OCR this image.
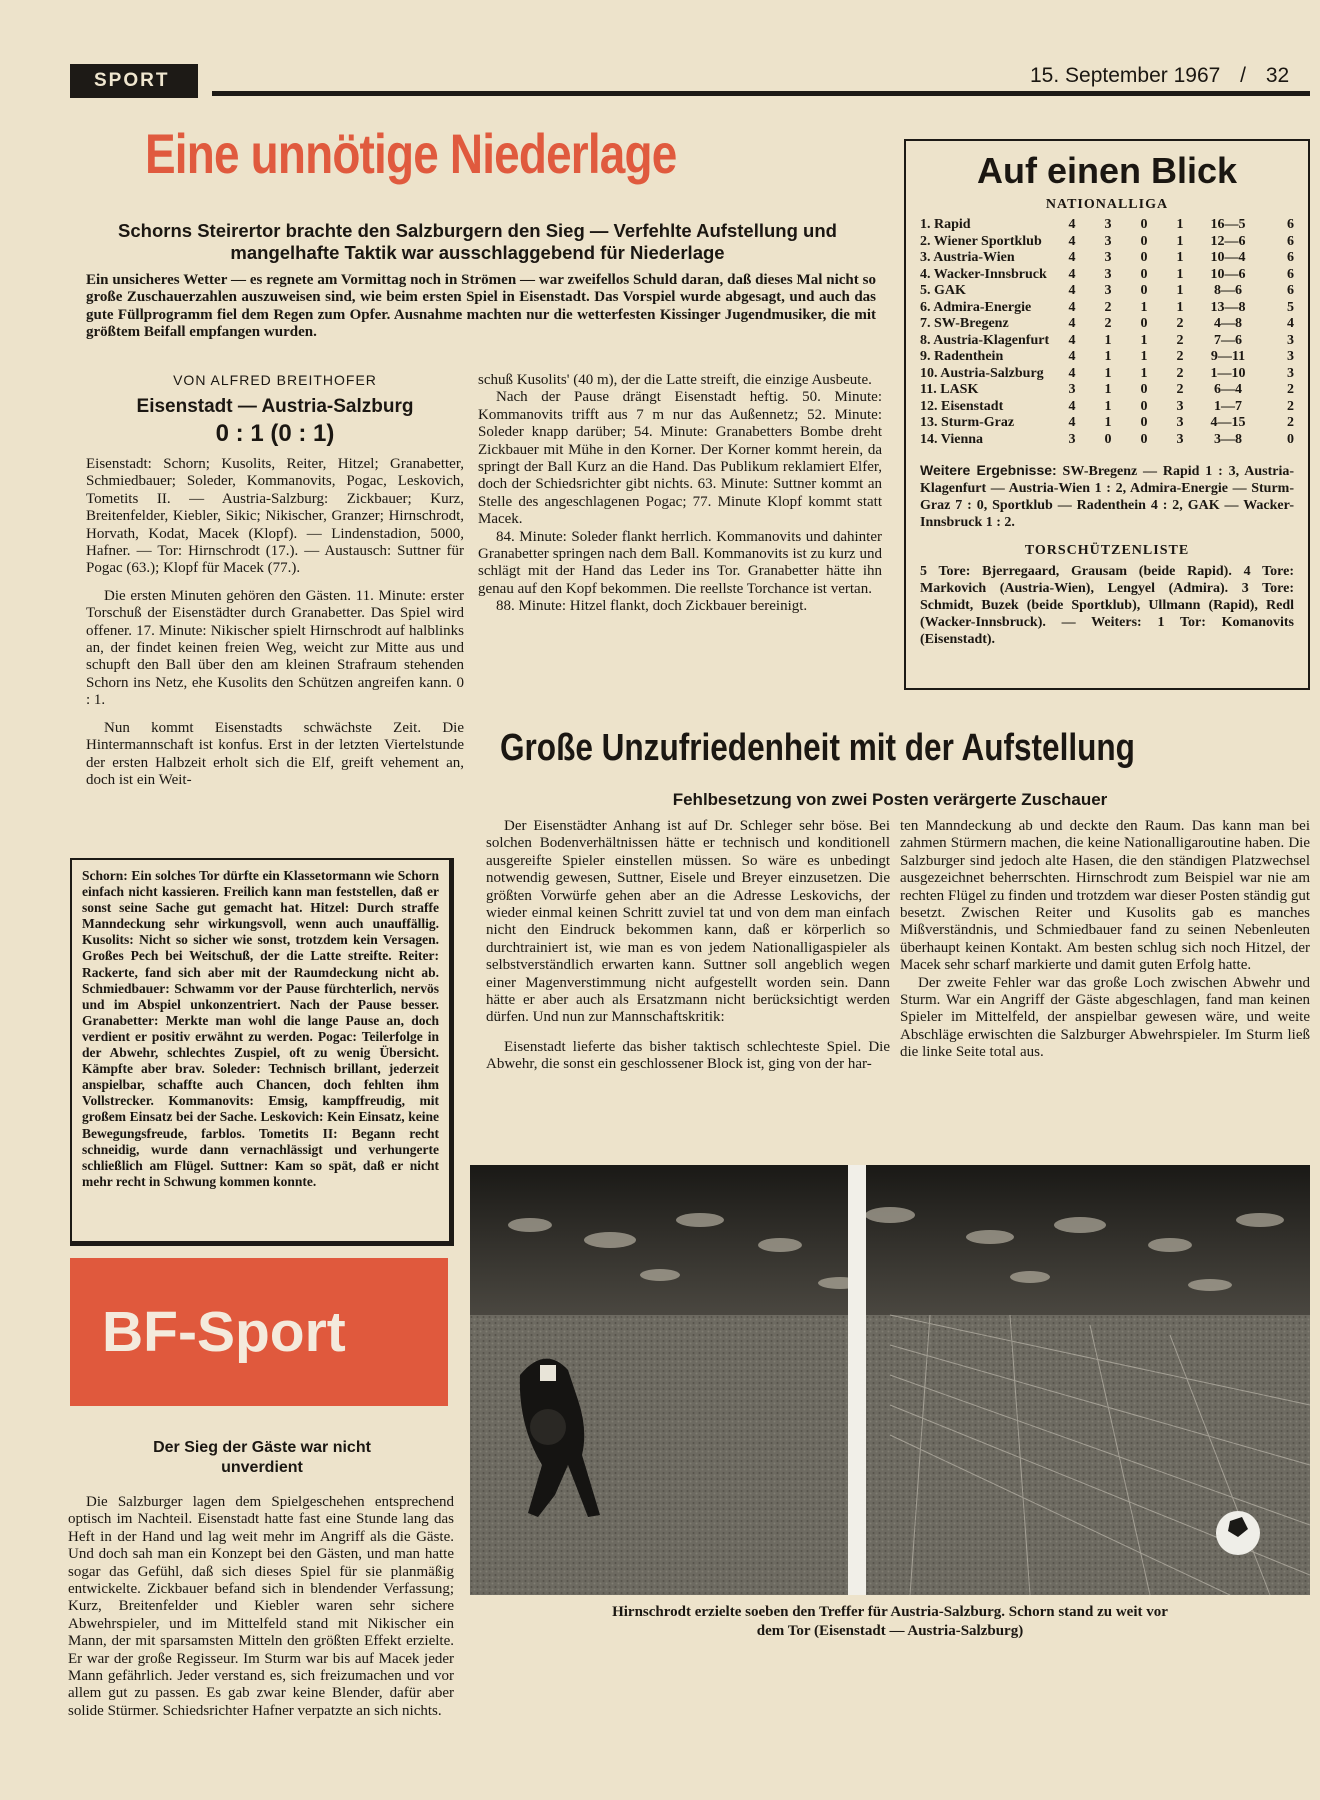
SPORT	15. September 1967 / 32
Eine unnötige Niederlage
Schorns Steirertor brachte den Salzburgern den Sieg — Verfehlte Aufstellung und
mangelhafte Taktik war ausschlaggebend für Niederlage

Ein unsicheres Wetter — es regnete am Vormittag noch in Strömen — war zweifellos Schuld daran, daß dieses Mal nicht so große Zuschauerzahlen auszuweisen sind, wie beim ersten Spiel in Eisenstadt. Das Vorspiel wurde abgesagt, und auch das gute Füllprogramm fiel dem Regen zum Opfer. Ausnahme machten nur die wetterfesten Kissinger Jugendmusiker, die mit größtem Beifall empfangen wurden.

VON ALFRED BREITHOFER
Eisenstadt — Austria-Salzburg
0 : 1 (0 : 1)

Eisenstadt: Schorn; Kusolits, Reiter, Hitzel; Granabetter, Schmiedbauer; Soleder, Kommanovits, Pogac, Leskovich, Tometits II. — Austria-Salzburg: Zickbauer; Kurz, Breitenfelder, Kiebler, Sikic; Nikischer, Granzer; Hirnschrodt, Horvath, Kodat, Macek (Klopf). — Lindenstadion, 5000, Hafner. — Tor: Hirnschrodt (17.). — Austausch: Suttner für Pogac (63.); Klopf für Macek (77.).

Die ersten Minuten gehören den Gästen. 11. Minute: erster Torschuß der Eisenstädter durch Granabetter. Das Spiel wird offener. 17. Minute: Nikischer spielt Hirnschrodt auf halblinks an, der findet keinen freien Weg, weicht zur Mitte aus und schupft den Ball über den am kleinen Strafraum stehenden Schorn ins Netz, ehe Kusolits den Schützen angreifen kann. 0 : 1.

Nun kommt Eisenstadts schwächste Zeit. Die Hintermannschaft ist konfus. Erst in der letzten Viertelstunde der ersten Halbzeit erholt sich die Elf, greift vehement an, doch ist ein Weit-

schuß Kusolits' (40 m), der die Latte streift, die einzige Ausbeute.

Nach der Pause drängt Eisenstadt heftig. 50. Minute: Kommanovits trifft aus 7 m nur das Außennetz; 52. Minute: Soleder knapp darüber; 54. Minute: Granabetters Bombe dreht Zickbauer mit Mühe in den Korner. Der Korner kommt herein, da springt der Ball Kurz an die Hand. Das Publikum reklamiert Elfer, doch der Schiedsrichter gibt nichts. 63. Minute: Suttner kommt an Stelle des angeschlagenen Pogac; 77. Minute Klopf kommt statt Macek.

84. Minute: Soleder flankt herrlich. Kommanovits und dahinter Granabetter springen nach dem Ball. Kommanovits ist zu kurz und schlägt mit der Hand das Leder ins Tor. Granabetter hätte ihn genau auf den Kopf bekommen. Die reellste Torchance ist vertan.

88. Minute: Hitzel flankt, doch Zickbauer bereinigt.

Auf einen Blick
NATIONALLIGA
1. Rapid	4	3	0	1	16—5	6
2. Wiener Sportklub	4	3	0	1	12—6	6
3. Austria-Wien	4	3	0	1	10—4	6
4. Wacker-Innsbruck	4	3	0	1	10—6	6
5. GAK	4	3	0	1	8—6	6
6. Admira-Energie	4	2	1	1	13—8	5
7. SW-Bregenz	4	2	0	2	4—8	4
8. Austria-Klagenfurt	4	1	1	2	7—6	3
9. Radenthein	4	1	1	2	9—11	3
10. Austria-Salzburg	4	1	1	2	1—10	3
11. LASK	3	1	0	2	6—4	2
12. Eisenstadt	4	1	0	3	1—7	2
13. Sturm-Graz	4	1	0	3	4—15	2
14. Vienna	3	0	0	3	3—8	0

Weitere Ergebnisse: SW-Bregenz — Rapid 1 : 3, Austria-Klagenfurt — Austria-Wien 1 : 2, Admira-Energie — Sturm-Graz 7 : 0, Sportklub — Radenthein 4 : 2, GAK — Wacker-Innsbruck 1 : 2.

TORSCHÜTZENLISTE

5 Tore: Bjerregaard, Grausam (beide Rapid). 4 Tore: Markovich (Austria-Wien), Lengyel (Admira). 3 Tore: Schmidt, Buzek (beide Sportklub), Ullmann (Rapid), Redl (Wacker-Innsbruck). — Weiters: 1 Tor: Komanovits (Eisenstadt).

Schorn: Ein solches Tor dürfte ein Klassetormann wie Schorn einfach nicht kassieren. Freilich kann man feststellen, daß er sonst seine Sache gut gemacht hat. Hitzel: Durch straffe Manndeckung sehr wirkungsvoll, wenn auch unauffällig. Kusolits: Nicht so sicher wie sonst, trotzdem kein Versagen. Großes Pech bei Weitschuß, der die Latte streifte. Reiter: Rackerte, fand sich aber mit der Raumdeckung nicht ab. Schmiedbauer: Schwamm vor der Pause fürchterlich, nervös und im Abspiel unkonzentriert. Nach der Pause besser. Granabetter: Merkte man wohl die lange Pause an, doch verdient er positiv erwähnt zu werden. Pogac: Teilerfolge in der Abwehr, schlechtes Zuspiel, oft zu wenig Übersicht. Kämpfte aber brav. Soleder: Technisch brillant, jederzeit anspielbar, schaffte auch Chancen, doch fehlten ihm Vollstrecker. Kommanovits: Emsig, kampffreudig, mit großem Einsatz bei der Sache. Leskovich: Kein Einsatz, keine Bewegungsfreude, farblos. Tometits II: Begann recht schneidig, wurde dann vernachlässigt und verhungerte schließlich am Flügel. Suttner: Kam so spät, daß er nicht mehr recht in Schwung kommen konnte.

Große Unzufriedenheit mit der Aufstellung
Fehlbesetzung von zwei Posten verärgerte Zuschauer

Der Eisenstädter Anhang ist auf Dr. Schleger sehr böse. Bei solchen Bodenverhältnissen hätte er technisch und konditionell ausgereifte Spieler einstellen müssen. So wäre es unbedingt notwendig gewesen, Suttner, Eisele und Breyer einzusetzen. Die größten Vorwürfe gehen aber an die Adresse Leskovichs, der wieder einmal keinen Schritt zuviel tat und von dem man einfach nicht den Eindruck bekommen kann, daß er körperlich so durchtrainiert ist, wie man es von jedem Nationalligaspieler als selbstverständlich erwarten kann. Suttner soll angeblich wegen einer Magenverstimmung nicht aufgestellt worden sein. Dann hätte er aber auch als Ersatzmann nicht berücksichtigt werden dürfen. Und nun zur Mannschaftskritik:

Eisenstadt lieferte das bisher taktisch schlechteste Spiel. Die Abwehr, die sonst ein geschlossener Block ist, ging von der har-

ten Manndeckung ab und deckte den Raum. Das kann man bei zahmen Stürmern machen, die keine Nationalligaroutine haben. Die Salzburger sind jedoch alte Hasen, die den ständigen Platzwechsel ausgezeichnet beherrschten. Hirnschrodt zum Beispiel war nie am rechten Flügel zu finden und trotzdem war dieser Posten ständig gut besetzt. Zwischen Reiter und Kusolits gab es manches Mißverständnis, und Schmiedbauer fand zu seinen Nebenleuten überhaupt keinen Kontakt. Am besten schlug sich noch Hitzel, der Macek sehr scharf markierte und damit guten Erfolg hatte.

Der zweite Fehler war das große Loch zwischen Abwehr und Sturm. War ein Angriff der Gäste abgeschlagen, fand man keinen Spieler im Mittelfeld, der anspielbar gewesen wäre, und weite Abschläge erwischten die Salzburger Abwehrspieler. Im Sturm ließ die linke Seite total aus.

Hirnschrodt erzielte soeben den Treffer für Austria-Salzburg. Schorn stand zu weit vor
dem Tor (Eisenstadt — Austria-Salzburg)
BF-Sport
Der Sieg der Gäste war nicht
unverdient

Die Salzburger lagen dem Spielgeschehen entsprechend optisch im Nachteil. Eisenstadt hatte fast eine Stunde lang das Heft in der Hand und lag weit mehr im Angriff als die Gäste. Und doch sah man ein Konzept bei den Gästen, und man hatte sogar das Gefühl, daß sich dieses Spiel für sie planmäßig entwickelte. Zickbauer befand sich in blendender Verfassung; Kurz, Breitenfelder und Kiebler waren sehr sichere Abwehrspieler, und im Mittelfeld stand mit Nikischer ein Mann, der mit sparsamsten Mitteln den größten Effekt erzielte. Er war der große Regisseur. Im Sturm war bis auf Macek jeder Mann gefährlich. Jeder verstand es, sich freizumachen und vor allem gut zu passen. Es gab zwar keine Blender, dafür aber solide Stürmer. Schiedsrichter Hafner verpatzte an sich nichts.
